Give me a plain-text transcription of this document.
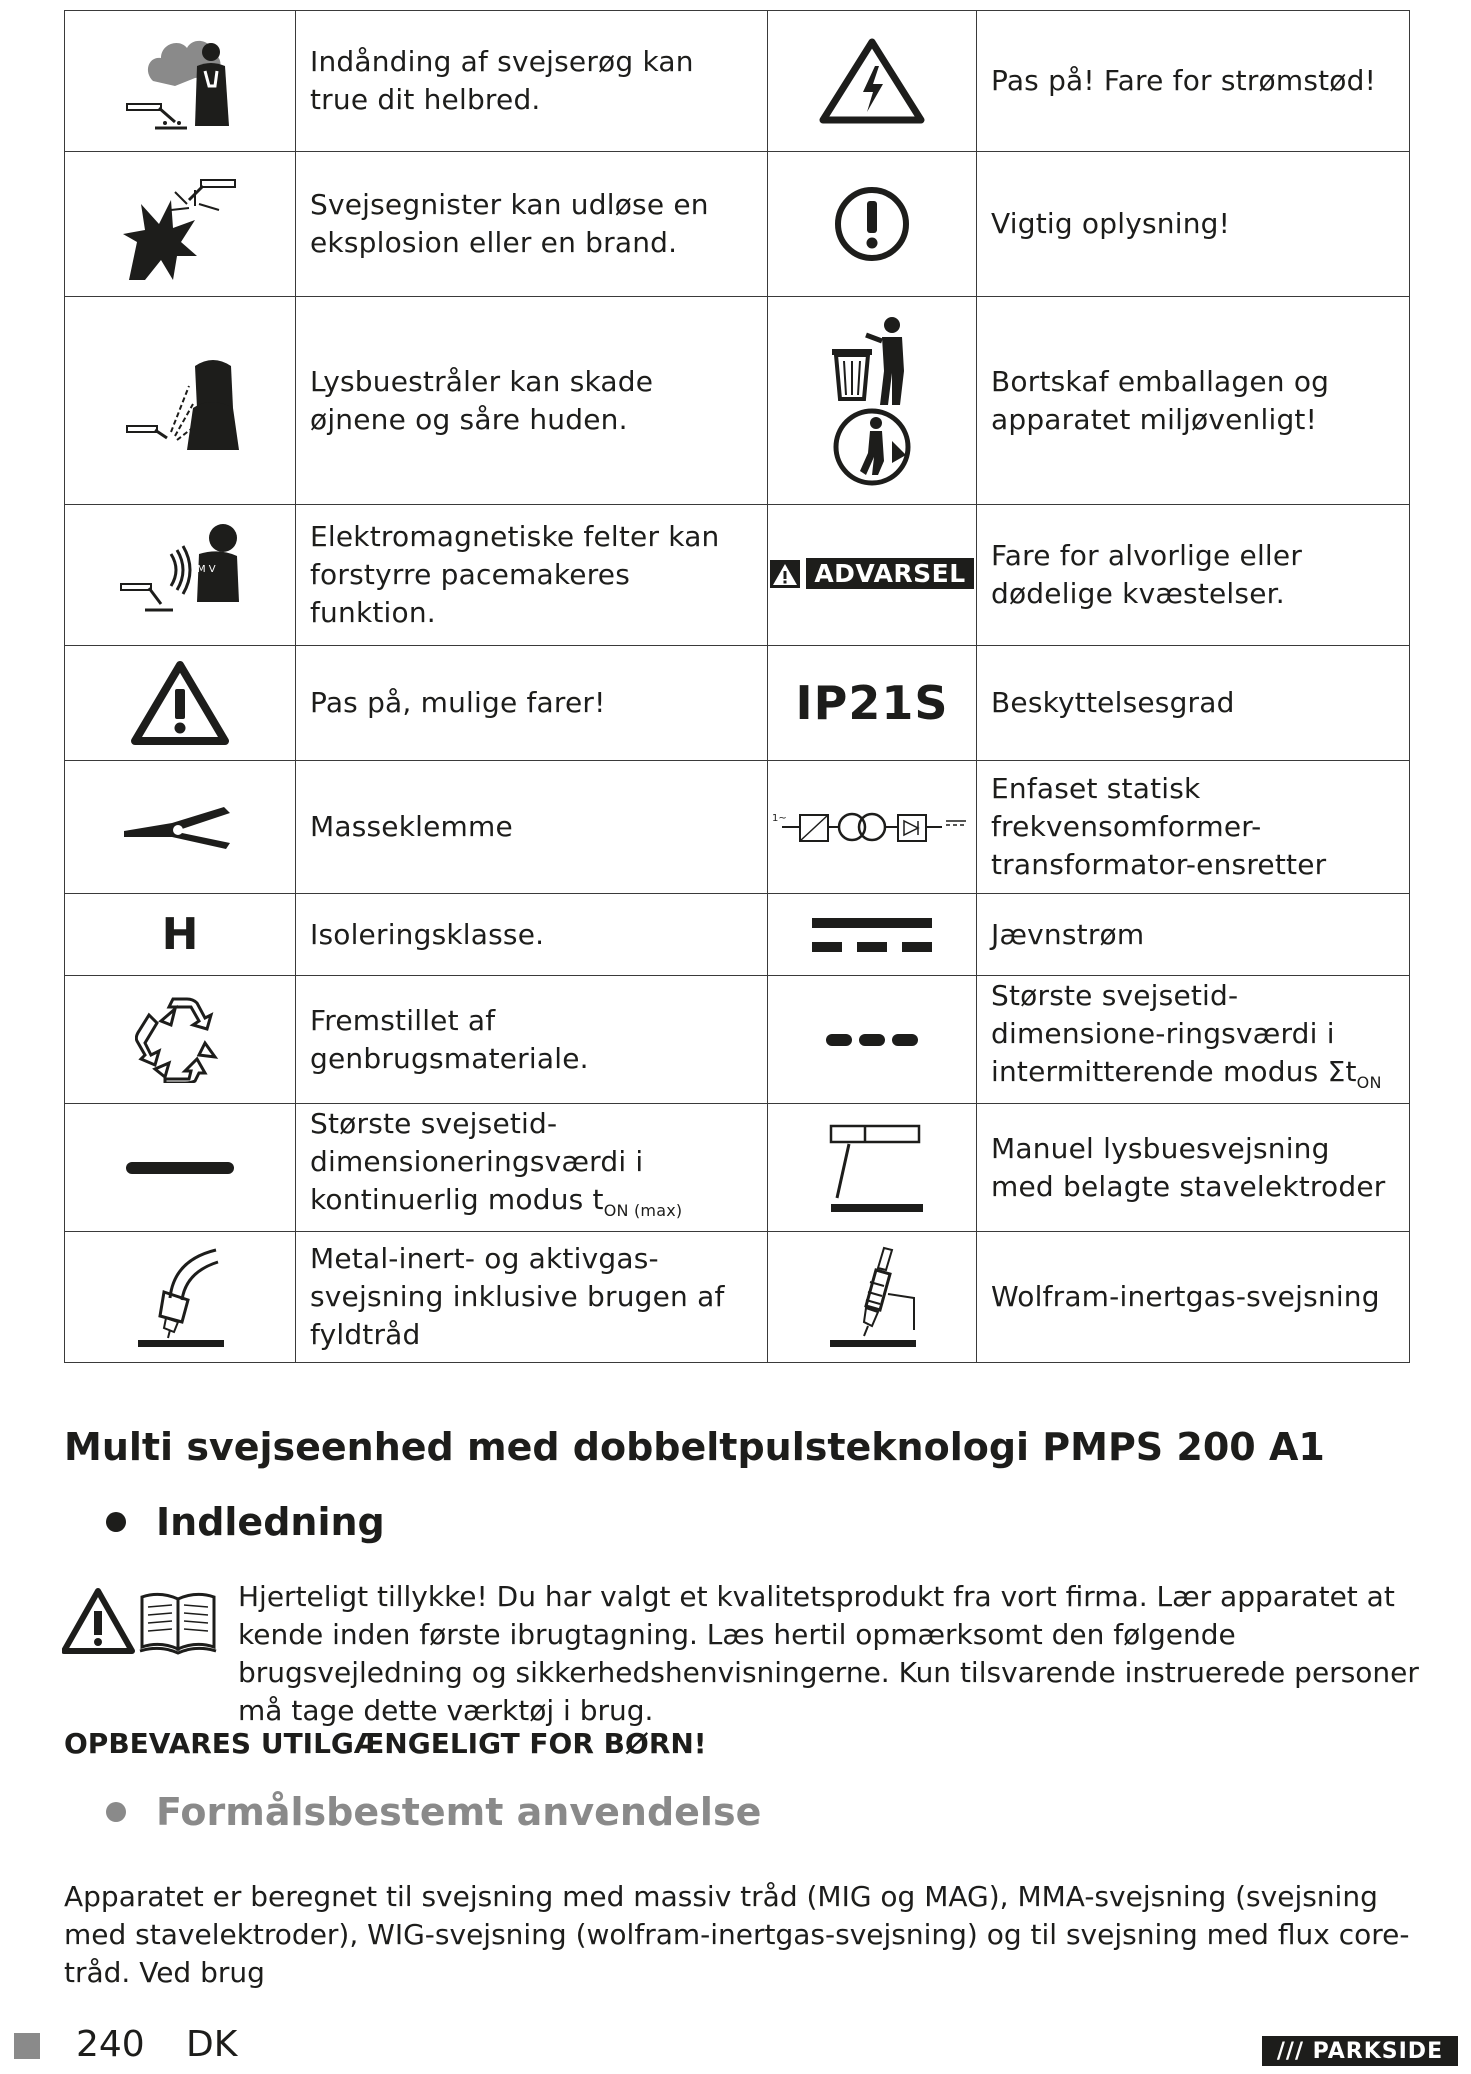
	Indånding af svejserøg kan true dit helbred.		Pas på! Fare for strømstød!

	Svejsegnister kan udløse en eksplosion eller en brand.		Vigtig oplysning!

	Lysbuestråler kan skade øjnene og såre huden.		Bortskaf emballagen og apparatet miljøvenligt!

M V	Elektromagnetiske felter kan forstyrre pacemakeres funktion.	ADVARSEL	Fare for alvorlige eller dødelige kvæstelser.

	Pas på, mulige farer!	IP21S	Beskyttelsesgrad

	Masseklemme	1~	Enfaset statisk frekvensomformer-transformator-ensretter
H	Isoleringsklasse.		Jævnstrøm

	Fremstillet af genbrugsmateriale.		Største svejsetid-dimensione-ringsværdi i intermitterende modus $\Sigma t_{ON}$

	Største svejsetid-dimensioneringsværdi i kontinuerlig modus $t_{ON (max)}$		Manuel lysbuesvejsning med belagte stavelektroder

	Metal-inert- og aktivgas-svejsning inklusive brugen af fyldtråd		Wolfram-inertgas-svejsning
Multi svejseenhed med dobbeltpulsteknologi PMPS 200 A1
Indledning

Hjerteligt tillykke! Du har valgt et kvalitetsprodukt fra vort firma. Lær apparatet at kende inden første ibrugtagning. Læs hertil opmærksomt den følgende brugsvejledning og sikkerhedshenvisningerne. Kun tilsvarende instruerede personer må tage dette værktøj i brug.

OPBEVARES UTILGÆNGELIGT FOR BØRN!

Formålsbestemt anvendelse

Apparatet er beregnet til svejsning med massiv tråd (MIG og MAG), MMA-svejsning (svejsning med stavelektroder), WIG-svejsning (wolfram-inertgas-svejsning) og til svejsning med flux core-tråd. Ved brug

240 DK	/// PARKSIDE
